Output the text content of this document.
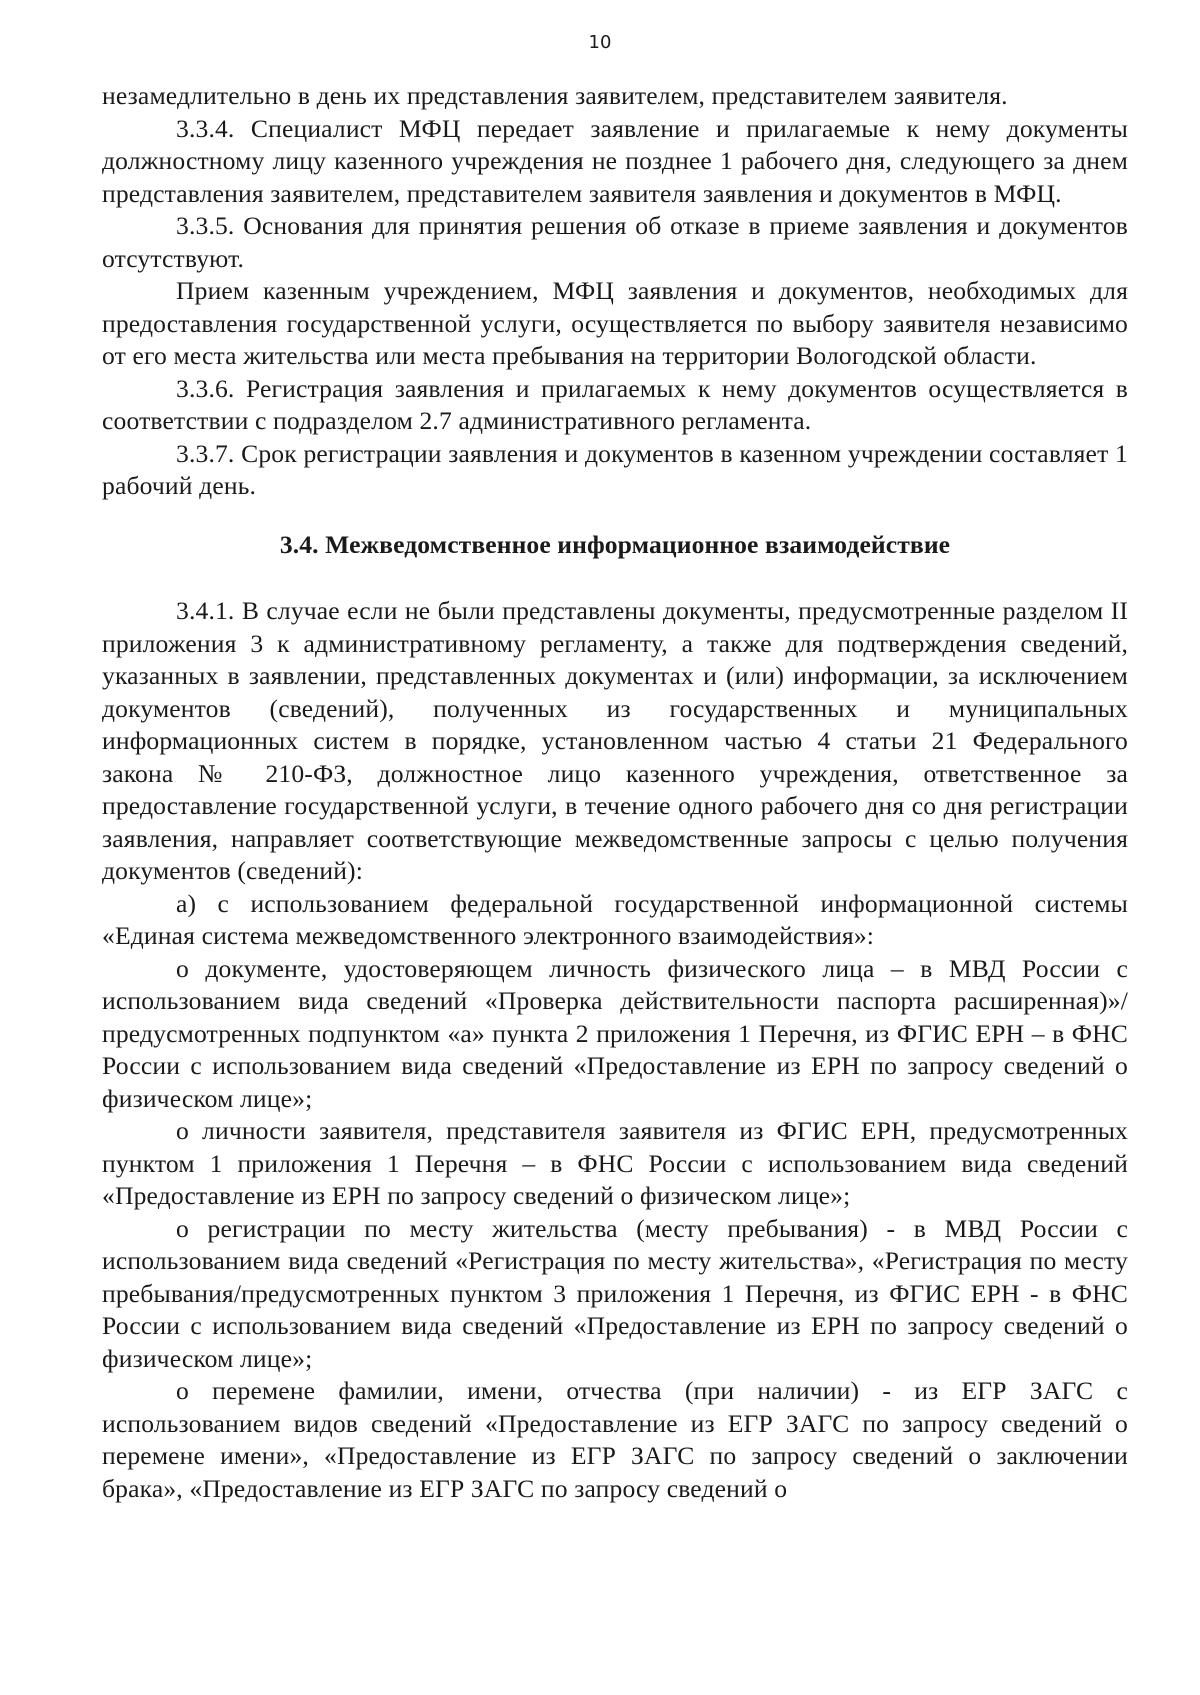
10

незамедлительно в день их представления заявителем, представителем заявителя.

3.3.4. Специалист МФЦ передает заявление и прилагаемые к нему документы должностному лицу казенного учреждения не позднее 1 рабочего дня, следующего за днем представления заявителем, представителем заявителя заявления и документов в МФЦ.

3.3.5. Основания для принятия решения об отказе в приеме заявления и документов отсутствуют.

Прием казенным учреждением, МФЦ заявления и документов, необходимых для предоставления государственной услуги, осуществляется по выбору заявителя независимо от его места жительства или места пребывания на территории Вологодской области.

3.3.6. Регистрация заявления и прилагаемых к нему документов осуществляется в соответствии с подразделом 2.7 административного регламента.

3.3.7. Срок регистрации заявления и документов в казенном учреждении составляет 1 рабочий день.

3.4. Межведомственное информационное взаимодействие

3.4.1. В случае если не были представлены документы, предусмотренные разделом II приложения 3 к административному регламенту, а также для подтверждения сведений, указанных в заявлении, представленных документах и (или) информации, за исключением документов (сведений), полученных из государственных и муниципальных информационных систем в порядке, установленном частью 4 статьи 21 Федерального закона № 210-ФЗ, должностное лицо казенного учреждения, ответственное за предоставление государственной услуги, в течение одного рабочего дня со дня регистрации заявления, направляет соответствующие межведомственные запросы с целью получения документов (сведений):

а) с использованием федеральной государственной информационной системы «Единая система межведомственного электронного взаимодействия»:

о документе, удостоверяющем личность физического лица – в МВД России с использованием вида сведений «Проверка действительности паспорта расширенная)»/предусмотренных подпунктом «а» пункта 2 приложения 1 Перечня, из ФГИС ЕРН – в ФНС России с использованием вида сведений «Предоставление из ЕРН по запросу сведений о физическом лице»;

о личности заявителя, представителя заявителя из ФГИС ЕРН, предусмотренных пунктом 1 приложения 1 Перечня – в ФНС России с использованием вида сведений «Предоставление из ЕРН по запросу сведений о физическом лице»;

о регистрации по месту жительства (месту пребывания) - в МВД России с использованием вида сведений «Регистрация по месту жительства», «Регистрация по месту пребывания/предусмотренных пунктом 3 приложения 1 Перечня, из ФГИС ЕРН - в ФНС России с использованием вида сведений «Предоставление из ЕРН по запросу сведений о физическом лице»;

о перемене фамилии, имени, отчества (при наличии) - из ЕГР ЗАГС с использованием видов сведений «Предоставление из ЕГР ЗАГС по запросу сведений о перемене имени», «Предоставление из ЕГР ЗАГС по запросу сведений о заключении брака», «Предоставление из ЕГР ЗАГС по запросу сведений о
